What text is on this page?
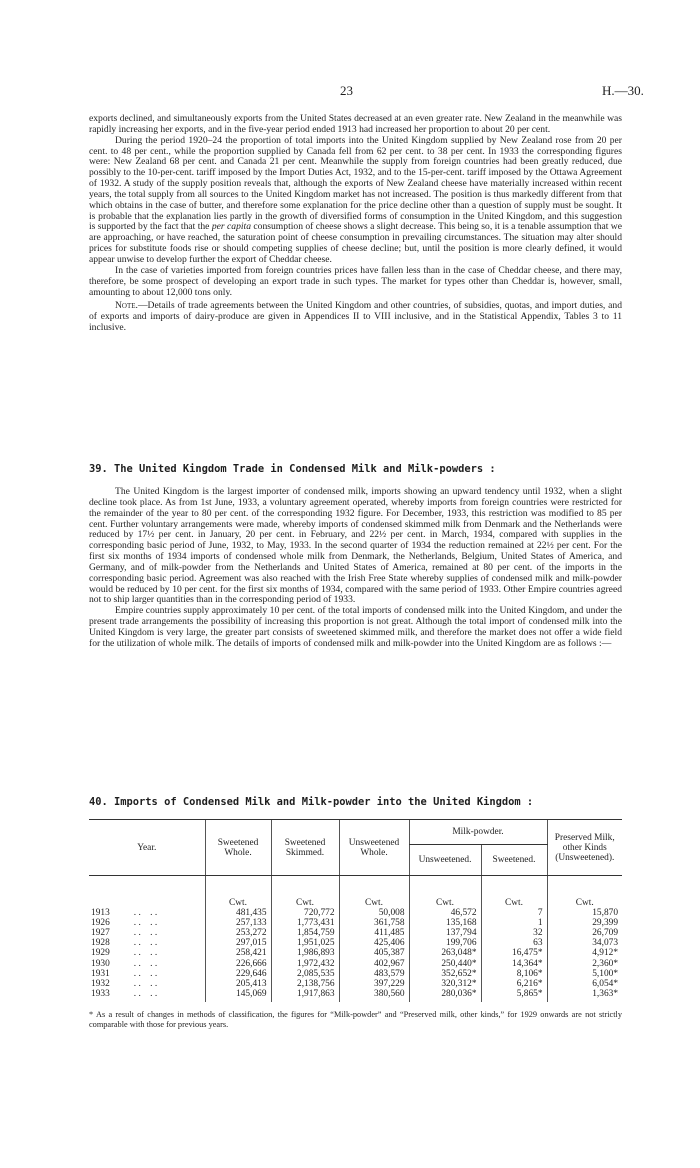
23	H.—30.

exports declined, and simultaneously exports from the United States decreased at an even greater rate. New Zealand in the meanwhile was rapidly increasing her exports, and in the five-year period ended 1913 had increased her proportion to about 20 per cent.

During the period 1920–24 the proportion of total imports into the United Kingdom supplied by New Zealand rose from 20 per cent. to 48 per cent., while the proportion supplied by Canada fell from 62 per cent. to 38 per cent. In 1933 the corresponding figures were: New Zealand 68 per cent. and Canada 21 per cent. Meanwhile the supply from foreign countries had been greatly reduced, due possibly to the 10-per-cent. tariff imposed by the Import Duties Act, 1932, and to the 15-per-cent. tariff imposed by the Ottawa Agreement of 1932. A study of the supply position reveals that, although the exports of New Zealand cheese have materially increased within recent years, the total supply from all sources to the United Kingdom market has not increased. The position is thus markedly different from that which obtains in the case of butter, and therefore some explanation for the price decline other than a question of supply must be sought. It is probable that the explanation lies partly in the growth of diversified forms of consumption in the United Kingdom, and this suggestion is supported by the fact that the per capita consumption of cheese shows a slight decrease. This being so, it is a tenable assumption that we are approaching, or have reached, the saturation point of cheese consumption in prevailing circumstances. The situation may alter should prices for substitute foods rise or should competing supplies of cheese decline; but, until the position is more clearly defined, it would appear unwise to develop further the export of Cheddar cheese.

In the case of varieties imported from foreign countries prices have fallen less than in the case of Cheddar cheese, and there may, therefore, be some prospect of developing an export trade in such types. The market for types other than Cheddar is, however, small, amounting to about 12,000 tons only.

Note.—Details of trade agreements between the United Kingdom and other countries, of subsidies, quotas, and import duties, and of exports and imports of dairy-produce are given in Appendices II to VIII inclusive, and in the Statistical Appendix, Tables 3 to 11 inclusive.

39. The United Kingdom Trade in Condensed Milk and Milk-powders :

The United Kingdom is the largest importer of condensed milk, imports showing an upward tendency until 1932, when a slight decline took place. As from 1st June, 1933, a voluntary agreement operated, whereby imports from foreign countries were restricted for the remainder of the year to 80 per cent. of the corresponding 1932 figure. For December, 1933, this restriction was modified to 85 per cent. Further voluntary arrangements were made, whereby imports of condensed skimmed milk from Denmark and the Netherlands were reduced by 17½ per cent. in January, 20 per cent. in February, and 22½ per cent. in March, 1934, compared with supplies in the corresponding basic period of June, 1932, to May, 1933. In the second quarter of 1934 the reduction remained at 22½ per cent. For the first six months of 1934 imports of condensed whole milk from Denmark, the Netherlands, Belgium, United States of America, and Germany, and of milk-powder from the Netherlands and United States of America, remained at 80 per cent. of the imports in the corresponding basic period. Agreement was also reached with the Irish Free State whereby supplies of condensed milk and milk-powder would be reduced by 10 per cent. for the first six months of 1934, compared with the same period of 1933. Other Empire countries agreed not to ship larger quantities than in the corresponding period of 1933.

Empire countries supply approximately 10 per cent. of the total imports of condensed milk into the United Kingdom, and under the present trade arrangements the possibility of increasing this proportion is not great. Although the total import of condensed milk into the United Kingdom is very large, the greater part consists of sweetened skimmed milk, and therefore the market does not offer a wide field for the utilization of whole milk. The details of imports of condensed milk and milk-powder into the United Kingdom are as follows :—

40. Imports of Condensed Milk and Milk-powder into the United Kingdom :
Year.	Sweetened Whole.	Sweetened Skimmed.	Unsweetened Whole.	Milk-powder.		Preserved Milk, other Kinds (Unsweetened).
				Unsweetened.	Sweetened.	
	Cwt.	Cwt.	Cwt.	Cwt.	Cwt.	Cwt.
1913 . .    . .	481,435	720,772	50,008	46,572	7	15,870
1926 . .    . .	257,133	1,773,431	361,758	135,168	1	29,399
1927 . .    . .	253,272	1,854,759	411,485	137,794	32	26,709
1928 . .    . .	297,015	1,951,025	425,406	199,706	63	34,073
1929 . .    . .	258,421	1,986,893	405,387	263,048*	16,475*	4,912*
1930 . .    . .	226,666	1,972,432	402,967	250,440*	14,364*	2,360*
1931 . .    . .	229,646	2,085,535	483,579	352,652*	8,106*	5,100*
1932 . .    . .	205,413	2,138,756	397,229	320,312*	6,216*	6,054*
1933 . .    . .	145,069	1,917,863	380,560	280,036*	5,865*	1,363*

* As a result of changes in methods of classification, the figures for “Milk-powder” and “Preserved milk, other kinds,” for 1929 onwards are not strictly comparable with those for previous years.
